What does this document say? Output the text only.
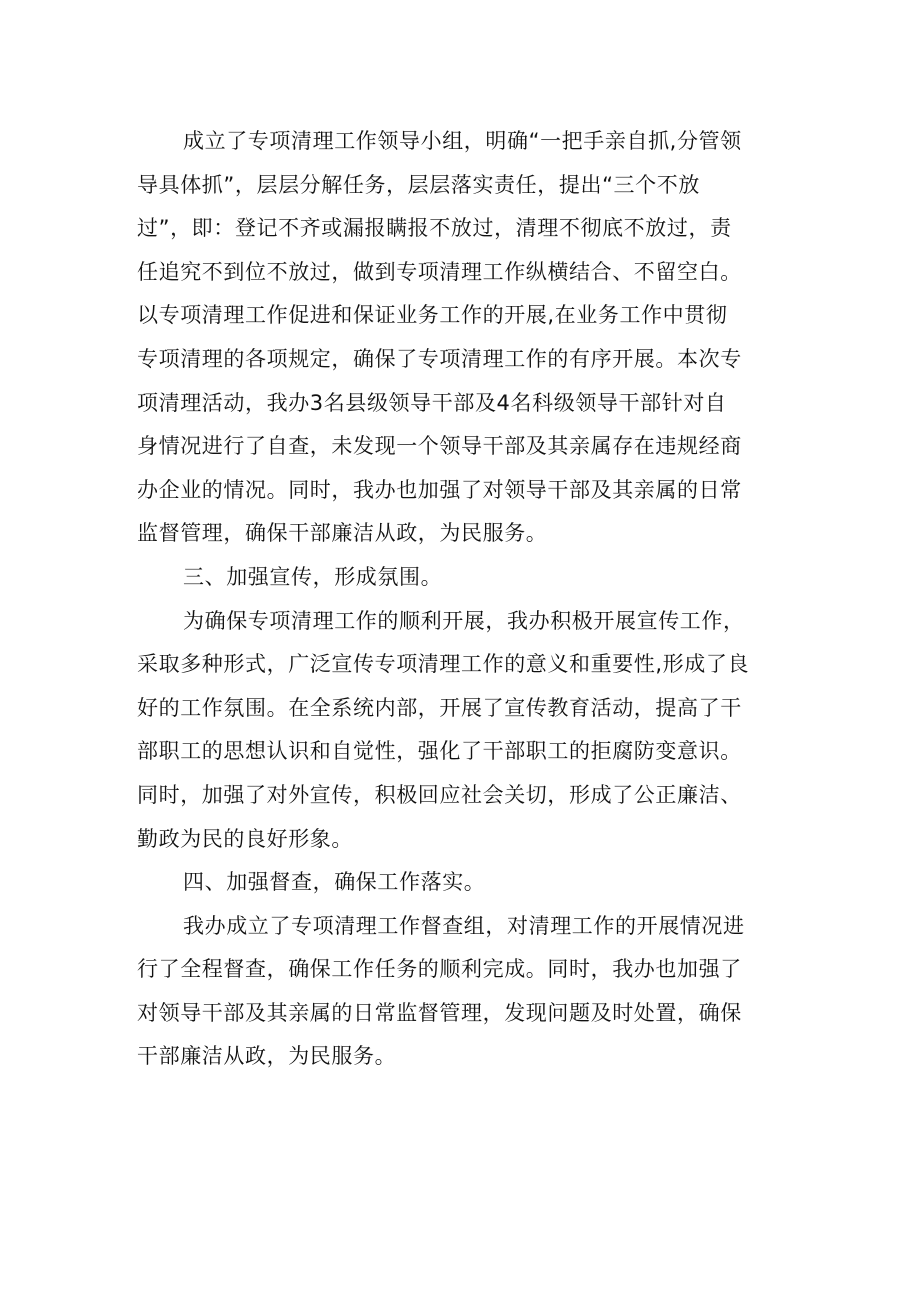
成立了专项清理工作领导小组，明确“一把手亲自抓,分管领
导具体抓”，层层分解任务，层层落实责任，提出“三个不放
过”，即：登记不齐或漏报瞒报不放过，清理不彻底不放过，责
任追究不到位不放过，做到专项清理工作纵横结合、不留空白。
以专项清理工作促进和保证业务工作的开展,在业务工作中贯彻
专项清理的各项规定，确保了专项清理工作的有序开展。本次专
项清理活动，我办3名县级领导干部及4名科级领导干部针对自
身情况进行了自查，未发现一个领导干部及其亲属存在违规经商
办企业的情况。同时，我办也加强了对领导干部及其亲属的日常
监督管理，确保干部廉洁从政，为民服务。
三、加强宣传，形成氛围。
为确保专项清理工作的顺利开展，我办积极开展宣传工作，
采取多种形式，广泛宣传专项清理工作的意义和重要性,形成了良
好的工作氛围。在全系统内部，开展了宣传教育活动，提高了干
部职工的思想认识和自觉性，强化了干部职工的拒腐防变意识。
同时，加强了对外宣传，积极回应社会关切，形成了公正廉洁、
勤政为民的良好形象。
四、加强督查，确保工作落实。
我办成立了专项清理工作督查组，对清理工作的开展情况进
行了全程督查，确保工作任务的顺利完成。同时，我办也加强了
对领导干部及其亲属的日常监督管理，发现问题及时处置，确保
干部廉洁从政，为民服务。
